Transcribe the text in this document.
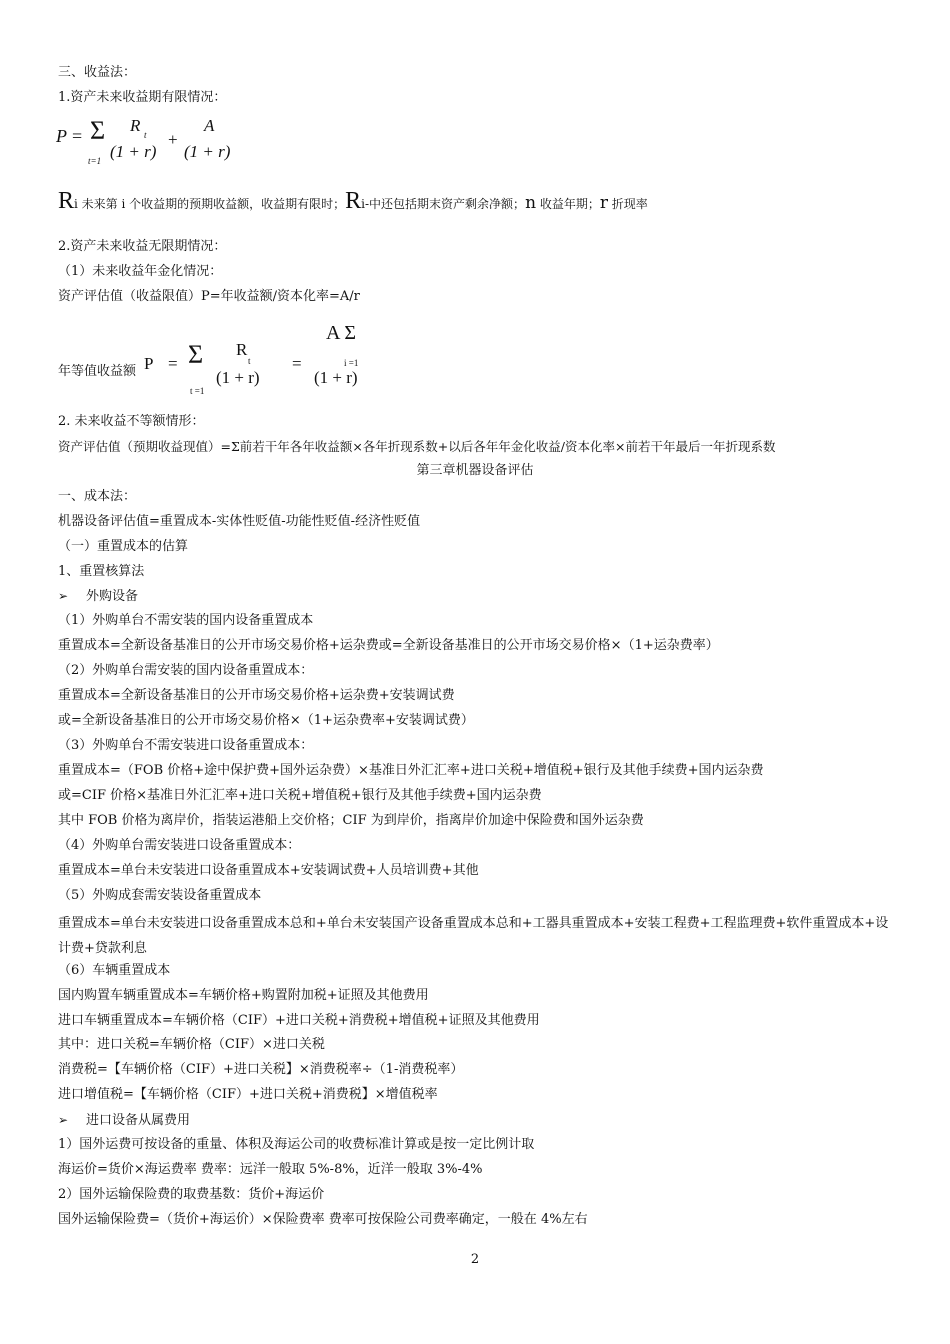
三、收益法：
1.资产未来收益期有限情况：
P = Σ
t=1
R t
(1 + r)
+
A
(1 + r)
Ri 未来第 i 个收益期的预期收益额，收益期有限时；Ri-中还包括期末资产剩余净额；n 收益年期；r 折现率
2.资产未来收益无限期情况：
（1）未来收益年金化情况：
资产评估值（收益限值）P=年收益额/资本化率=A/r
年等值收益额 P = Σ
t =1
R
t
(1 + r)
=
A Σ
i =1
(1 + r)
2. 未来收益不等额情形：
资产评估值（预期收益现值）=Σ前若干年各年收益额×各年折现系数+以后各年年金化收益/资本化率×前若干年最后一年折现系数
第三章机器设备评估
一、成本法：
机器设备评估值=重置成本-实体性贬值-功能性贬值-经济性贬值
（一）重置成本的估算
1、重置核算法
➢ 外购设备
（1）外购单台不需安装的国内设备重置成本
重置成本=全新设备基准日的公开市场交易价格+运杂费或=全新设备基准日的公开市场交易价格×（1+运杂费率）
（2）外购单台需安装的国内设备重置成本：
重置成本=全新设备基准日的公开市场交易价格+运杂费+安装调试费
或=全新设备基准日的公开市场交易价格×（1+运杂费率+安装调试费）
（3）外购单台不需安装进口设备重置成本：
重置成本=（FOB 价格+途中保护费+国外运杂费）×基准日外汇汇率+进口关税+增值税+银行及其他手续费+国内运杂费
或=CIF 价格×基准日外汇汇率+进口关税+增值税+银行及其他手续费+国内运杂费
其中 FOB 价格为离岸价，指装运港船上交价格；CIF 为到岸价，指离岸价加途中保险费和国外运杂费
（4）外购单台需安装进口设备重置成本：
重置成本=单台未安装进口设备重置成本+安装调试费+人员培训费+其他
（5）外购成套需安装设备重置成本
重置成本=单台未安装进口设备重置成本总和+单台未安装国产设备重置成本总和+工器具重置成本+安装工程费+工程监理费+软件重置成本+设计费+贷款利息
（6）车辆重置成本
国内购置车辆重置成本=车辆价格+购置附加税+证照及其他费用
进口车辆重置成本=车辆价格（CIF）+进口关税+消费税+增值税+证照及其他费用
其中：进口关税=车辆价格（CIF）×进口关税
消费税=【车辆价格（CIF）+进口关税】×消费税率÷（1-消费税率）
进口增值税=【车辆价格（CIF）+进口关税+消费税】×增值税率
➢ 进口设备从属费用
1）国外运费可按设备的重量、体积及海运公司的收费标准计算或是按一定比例计取
海运价=货价×海运费率 费率：远洋一般取 5%-8%，近洋一般取 3%-4%
2）国外运输保险费的取费基数：货价+海运价
国外运输保险费=（货价+海运价）×保险费率 费率可按保险公司费率确定，一般在 4%左右
2
